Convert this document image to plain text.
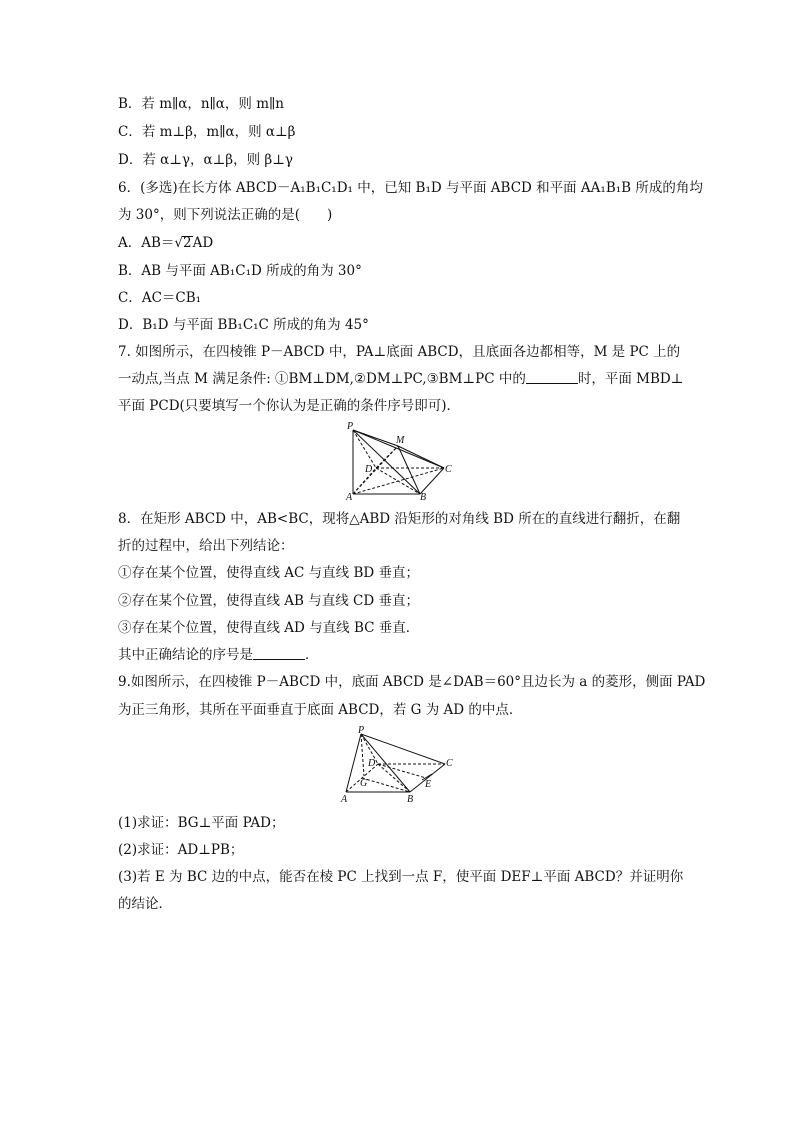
B．若 m∥α，n∥α，则 m∥n
C．若 m⊥β，m∥α，则 α⊥β
D．若 α⊥γ，α⊥β，则 β⊥γ
6．(多选)在长方体 ABCD－A₁B₁C₁D₁ 中，已知 B₁D 与平面 ABCD 和平面 AA₁B₁B 所成的角均
为 30°，则下列说法正确的是(　　)
A．AB＝√2AD
B．AB 与平面 AB₁C₁D 所成的角为 30°
C．AC＝CB₁
D．B₁D 与平面 BB₁C₁C 所成的角为 45°
7. 如图所示，在四棱锥 P－ABCD 中，PA⊥底面 ABCD，且底面各边都相等，M 是 PC 上的
一动点,当点 M 满足条件: ①BM⊥DM,②DM⊥PC,③BM⊥PC 中的	时，平面 MBD⊥
平面 PCD(只要填写一个你认为是正确的条件序号即可)．
P
M
D	C
A	B
8．在矩形 ABCD 中，AB<BC，现将△ABD 沿矩形的对角线 BD 所在的直线进行翻折，在翻
折的过程中，给出下列结论：
①存在某个位置，使得直线 AC 与直线 BD 垂直；
②存在某个位置，使得直线 AB 与直线 CD 垂直；
③存在某个位置，使得直线 AD 与直线 BC 垂直．
其中正确结论的序号是	．
9.如图所示，在四棱锥 P－ABCD 中，底面 ABCD 是∠DAB＝60°且边长为 a 的菱形，侧面 PAD
为正三角形，其所在平面垂直于底面 ABCD，若 G 为 AD 的中点．
P
D	C
G	E
A	B
(1)求证：BG⊥平面 PAD；
(2)求证：AD⊥PB；
(3)若 E 为 BC 边的中点，能否在棱 PC 上找到一点 F，使平面 DEF⊥平面 ABCD？并证明你
的结论．
